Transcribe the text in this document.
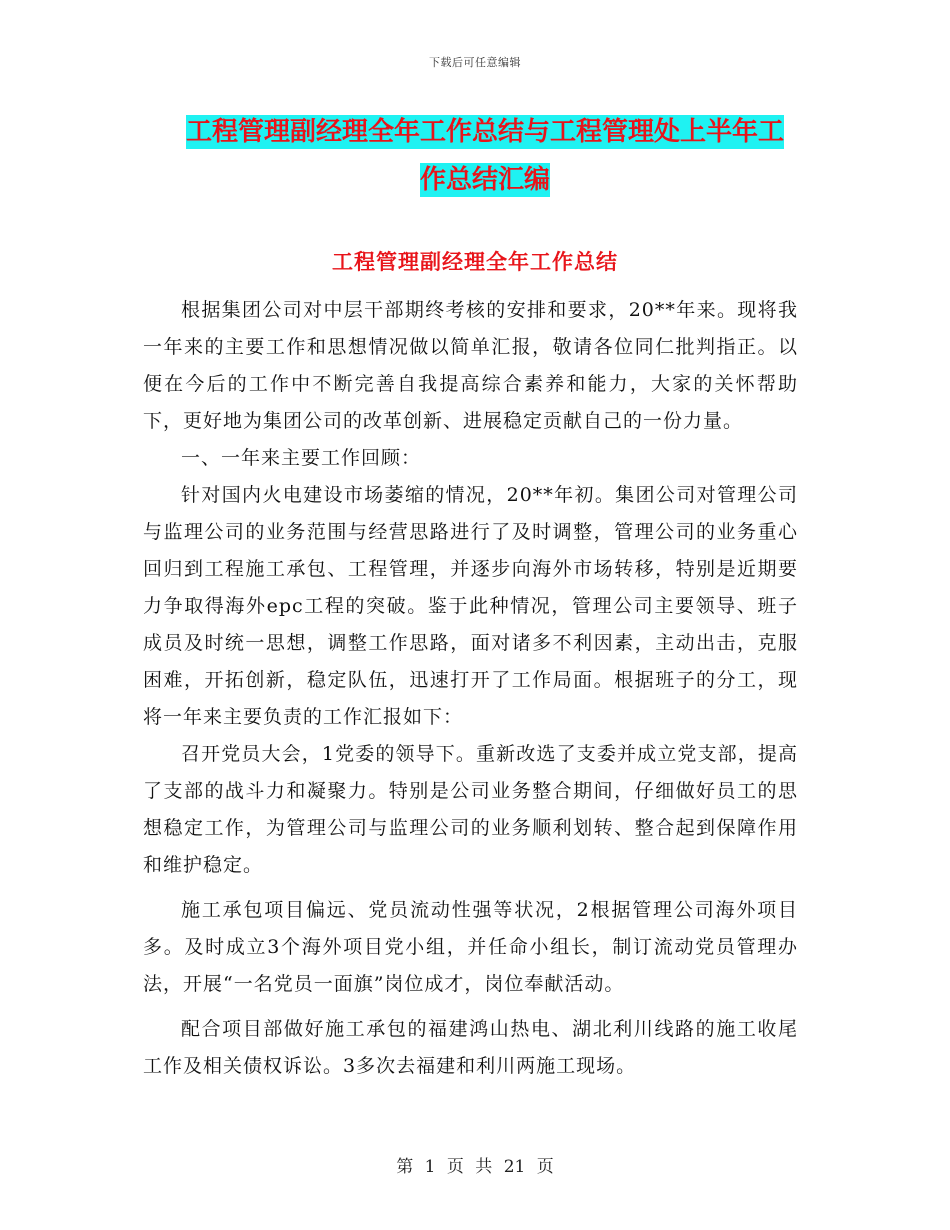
下载后可任意编辑
工程管理副经理全年工作总结与工程管理处上半年工
作总结汇编
工程管理副经理全年工作总结

根据集团公司对中层干部期终考核的安排和要求，20**年来。现将我一年来的主要工作和思想情况做以简单汇报，敬请各位同仁批判指正。以便在今后的工作中不断完善自我提高综合素养和能力，大家的关怀帮助下，更好地为集团公司的改革创新、进展稳定贡献自己的一份力量。

一、一年来主要工作回顾：

针对国内火电建设市场萎缩的情况，20**年初。集团公司对管理公司与监理公司的业务范围与经营思路进行了及时调整，管理公司的业务重心回归到工程施工承包、工程管理，并逐步向海外市场转移，特别是近期要力争取得海外epc工程的突破。鉴于此种情况，管理公司主要领导、班子成员及时统一思想，调整工作思路，面对诸多不利因素，主动出击，克服困难，开拓创新，稳定队伍，迅速打开了工作局面。根据班子的分工，现将一年来主要负责的工作汇报如下：

召开党员大会，1党委的领导下。重新改选了支委并成立党支部，提高了支部的战斗力和凝聚力。特别是公司业务整合期间，仔细做好员工的思想稳定工作，为管理公司与监理公司的业务顺利划转、整合起到保障作用和维护稳定。

施工承包项目偏远、党员流动性强等状况，2根据管理公司海外项目多。及时成立3个海外项目党小组，并任命小组长，制订流动党员管理办法，开展“一名党员一面旗”岗位成才，岗位奉献活动。

配合项目部做好施工承包的福建鸿山热电、湖北利川线路的施工收尾工作及相关债权诉讼。3多次去福建和利川两施工现场。

第 1 页 共 21 页
